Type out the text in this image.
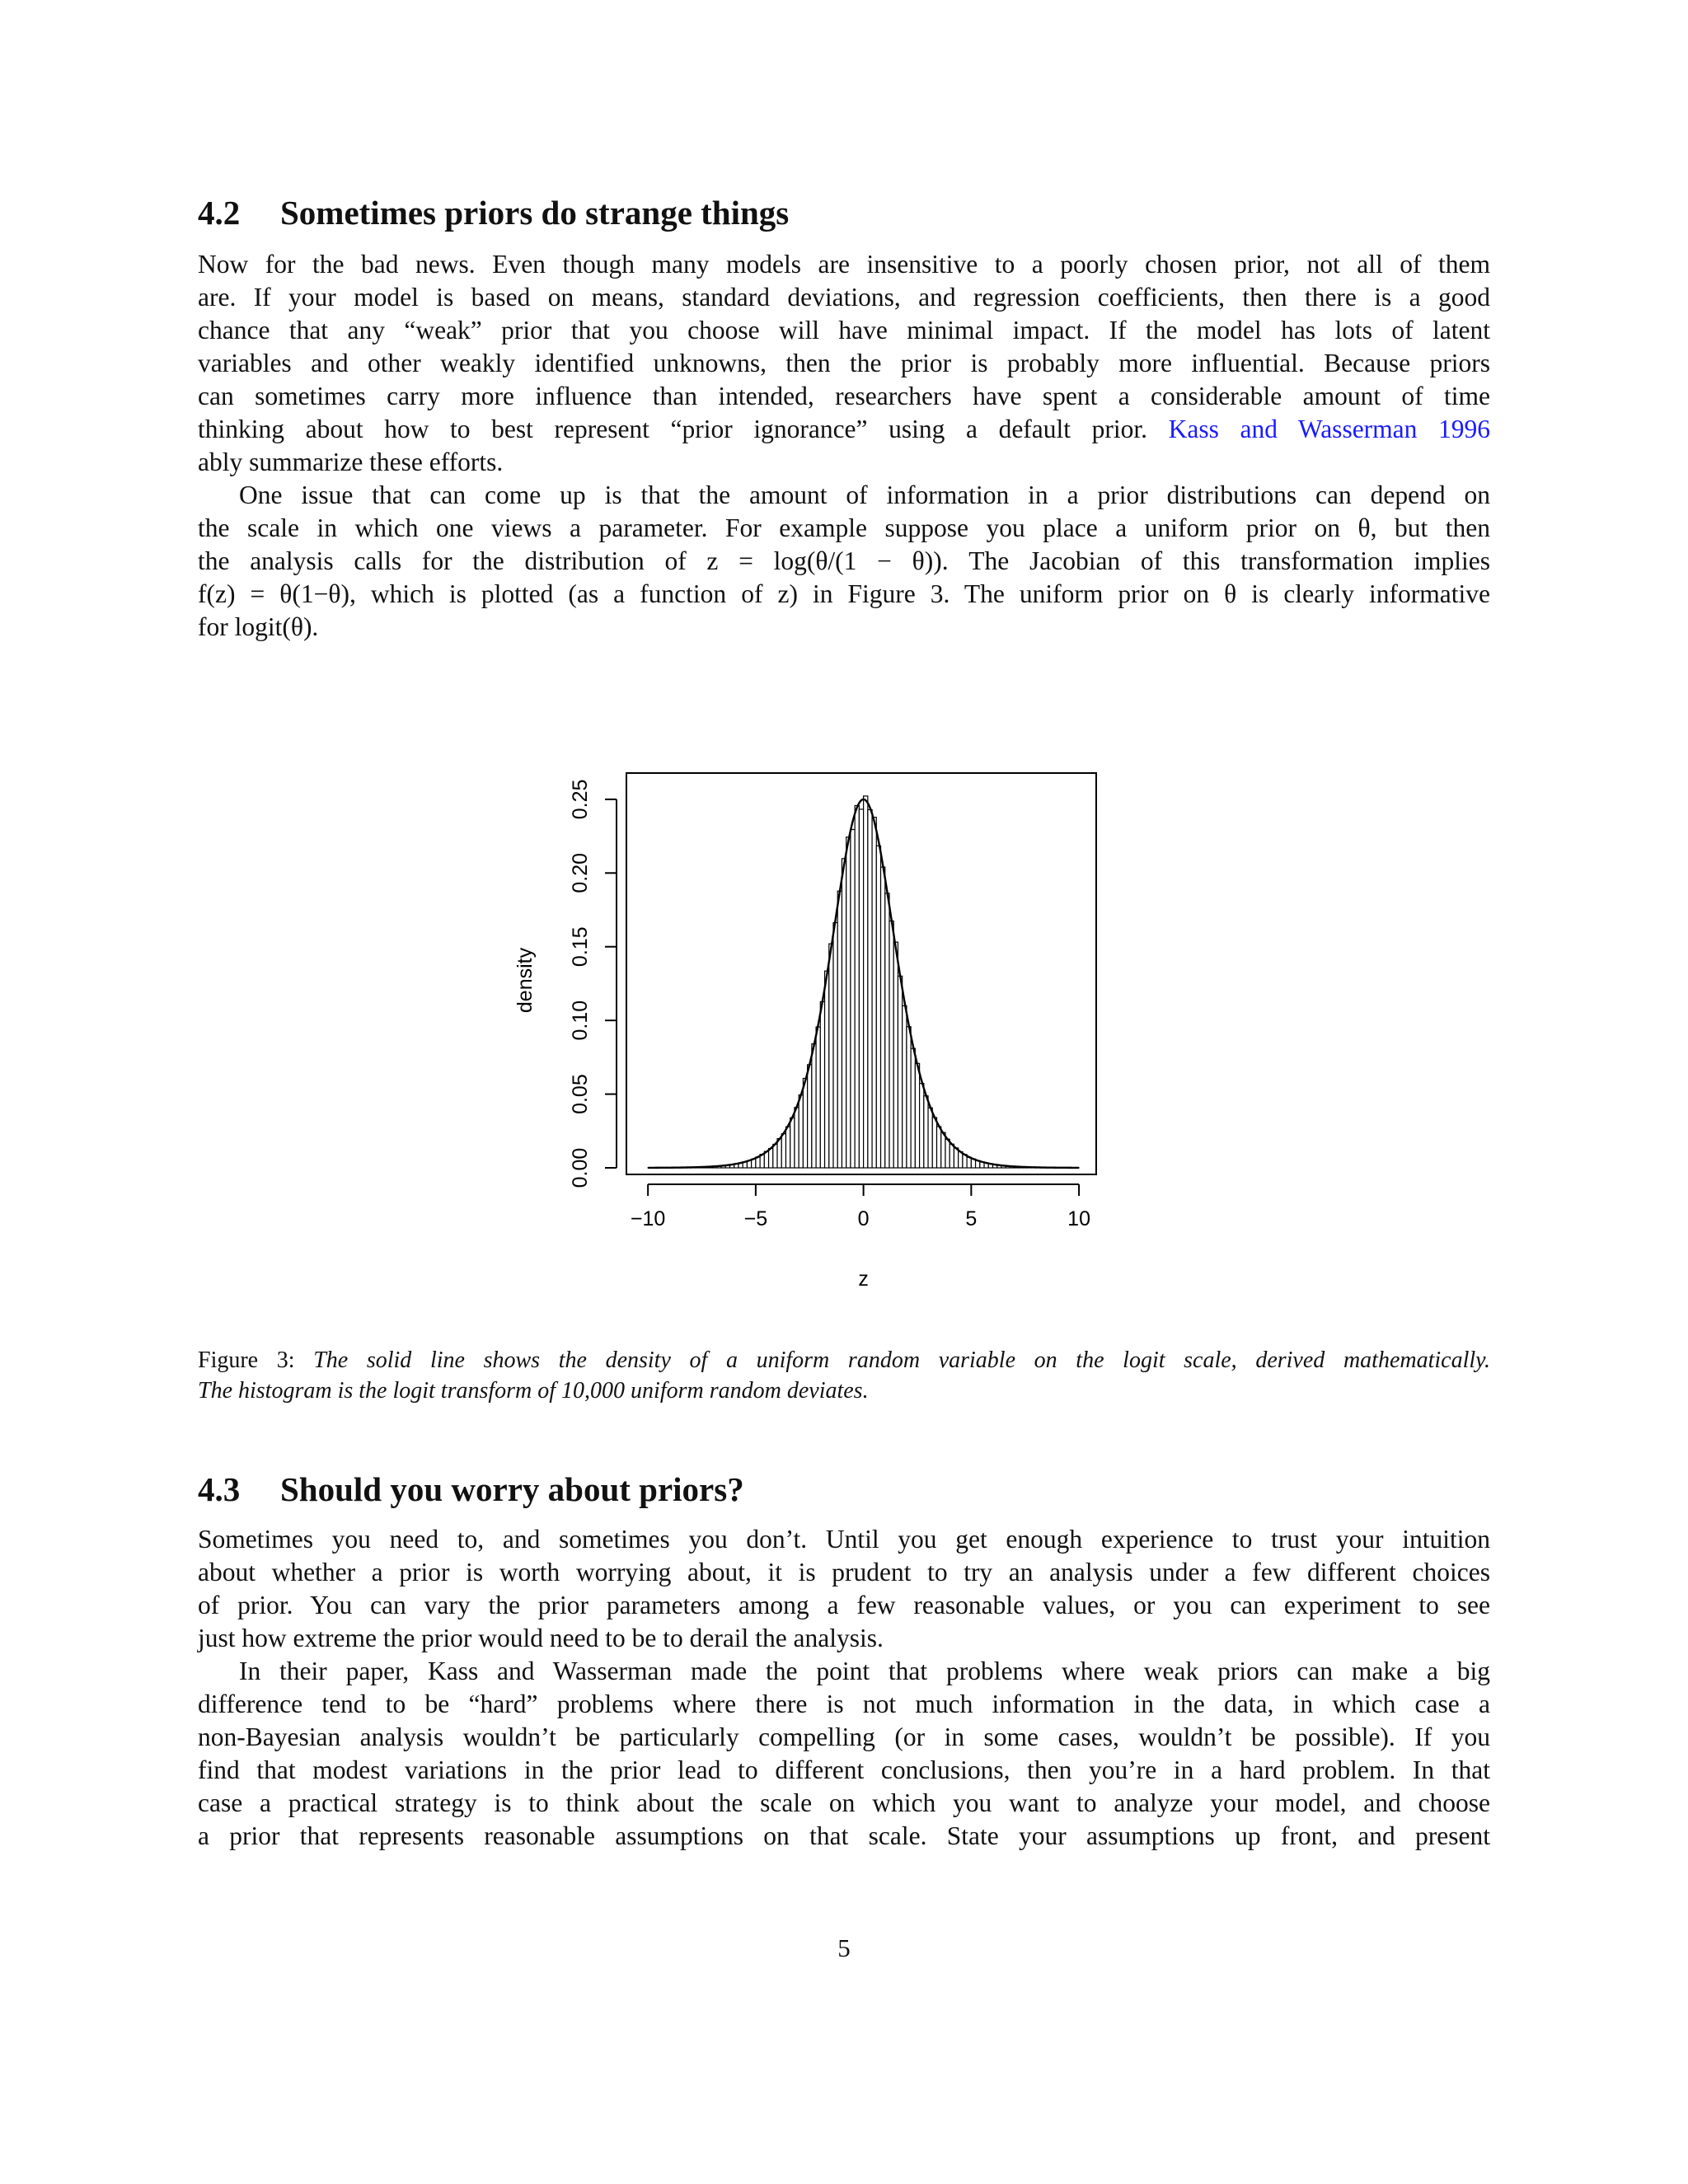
4.2 Sometimes priors do strange things
Now for the bad news. Even though many models are insensitive to a poorly chosen prior, not all of them
are. If your model is based on means, standard deviations, and regression coefficients, then there is a good
chance that any “weak” prior that you choose will have minimal impact. If the model has lots of latent
variables and other weakly identified unknowns, then the prior is probably more influential. Because priors
can sometimes carry more influence than intended, researchers have spent a considerable amount of time
thinking about how to best represent “prior ignorance” using a default prior. Kass and Wasserman 1996
ably summarize these efforts.
One issue that can come up is that the amount of information in a prior distributions can depend on
the scale in which one views a parameter. For example suppose you place a uniform prior on θ, but then
the analysis calls for the distribution of z = log(θ/(1 − θ)). The Jacobian of this transformation implies
f(z) = θ(1−θ), which is plotted (as a function of z) in Figure 3. The uniform prior on θ is clearly informative
for logit(θ).
−10	−5	0	5	10
z
0.00
0.05
0.10
0.15
0.20
0.25
density
Figure 3: The solid line shows the density of a uniform random variable on the logit scale, derived mathematically.
The histogram is the logit transform of 10,000 uniform random deviates.
4.3 Should you worry about priors?
Sometimes you need to, and sometimes you don’t. Until you get enough experience to trust your intuition
about whether a prior is worth worrying about, it is prudent to try an analysis under a few different choices
of prior. You can vary the prior parameters among a few reasonable values, or you can experiment to see
just how extreme the prior would need to be to derail the analysis.
In their paper, Kass and Wasserman made the point that problems where weak priors can make a big
difference tend to be “hard” problems where there is not much information in the data, in which case a
non-Bayesian analysis wouldn’t be particularly compelling (or in some cases, wouldn’t be possible). If you
find that modest variations in the prior lead to different conclusions, then you’re in a hard problem. In that
case a practical strategy is to think about the scale on which you want to analyze your model, and choose
a prior that represents reasonable assumptions on that scale. State your assumptions up front, and present
5
